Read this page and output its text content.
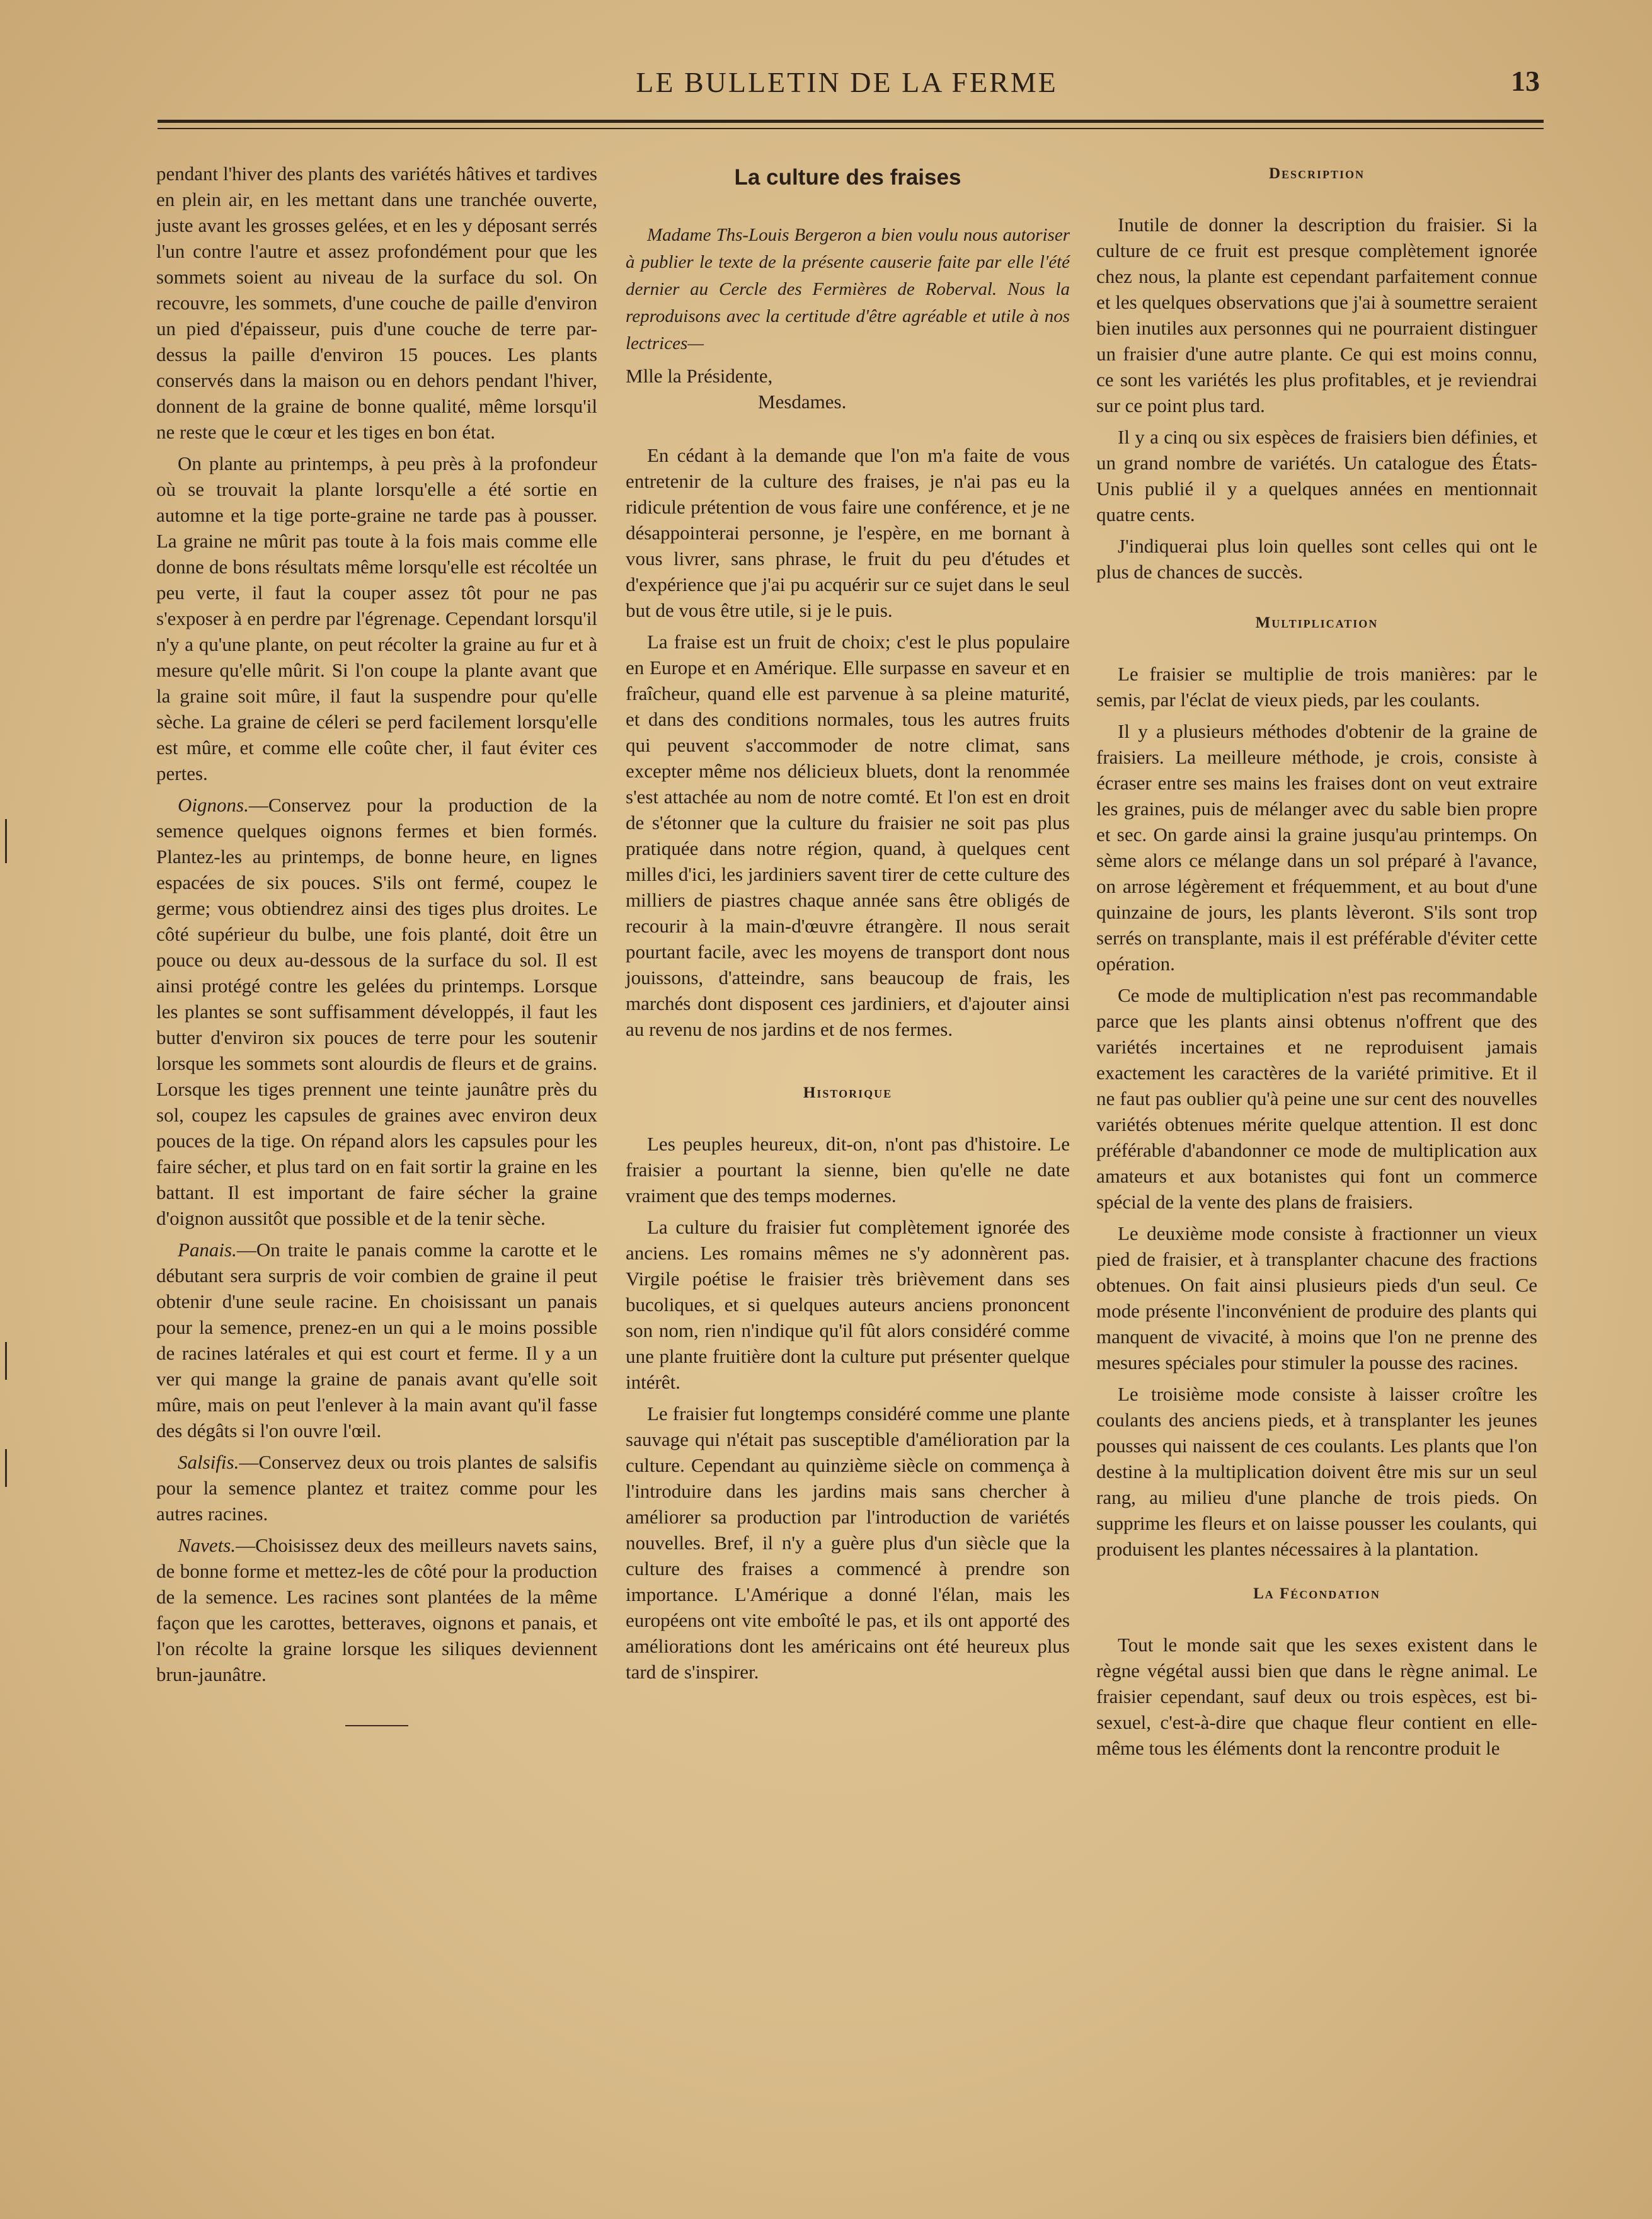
LE BULLETIN DE LA FERME	13

pendant l'hiver des plants des variétés hâtives et tardives en plein air, en les mettant dans une tranchée ouverte, juste avant les grosses gelées, et en les y déposant serrés l'un contre l'autre et assez profondément pour que les sommets soient au niveau de la surface du sol. On recouvre, les sommets, d'une couche de paille d'environ un pied d'épaisseur, puis d'une couche de terre par-dessus la paille d'environ 15 pouces. Les plants conservés dans la maison ou en dehors pendant l'hiver, donnent de la graine de bonne qualité, même lorsqu'il ne reste que le cœur et les tiges en bon état.

On plante au printemps, à peu près à la profondeur où se trouvait la plante lorsqu'elle a été sortie en automne et la tige porte-graine ne tarde pas à pousser. La graine ne mûrit pas toute à la fois mais comme elle donne de bons résultats même lorsqu'elle est récoltée un peu verte, il faut la couper assez tôt pour ne pas s'exposer à en perdre par l'égrenage. Cependant lorsqu'il n'y a qu'une plante, on peut récolter la graine au fur et à mesure qu'elle mûrit. Si l'on coupe la plante avant que la graine soit mûre, il faut la suspendre pour qu'elle sèche. La graine de céleri se perd facilement lorsqu'elle est mûre, et comme elle coûte cher, il faut éviter ces pertes.

Oignons.—Conservez pour la production de la semence quelques oignons fermes et bien formés. Plantez-les au printemps, de bonne heure, en lignes espacées de six pouces. S'ils ont fermé, coupez le germe; vous obtiendrez ainsi des tiges plus droites. Le côté supérieur du bulbe, une fois planté, doit être un pouce ou deux au-dessous de la surface du sol. Il est ainsi protégé contre les gelées du printemps. Lorsque les plantes se sont suffisamment développés, il faut les butter d'environ six pouces de terre pour les soutenir lorsque les sommets sont alourdis de fleurs et de grains. Lorsque les tiges prennent une teinte jaunâtre près du sol, coupez les capsules de graines avec environ deux pouces de la tige. On répand alors les capsules pour les faire sécher, et plus tard on en fait sortir la graine en les battant. Il est important de faire sécher la graine d'oignon aussitôt que possible et de la tenir sèche.

Panais.—On traite le panais comme la carotte et le débutant sera surpris de voir combien de graine il peut obtenir d'une seule racine. En choisissant un panais pour la semence, prenez-en un qui a le moins possible de racines latérales et qui est court et ferme. Il y a un ver qui mange la graine de panais avant qu'elle soit mûre, mais on peut l'enlever à la main avant qu'il fasse des dégâts si l'on ouvre l'œil.

Salsifis.—Conservez deux ou trois plantes de salsifis pour la semence plantez et traitez comme pour les autres racines.

Navets.—Choisissez deux des meilleurs navets sains, de bonne forme et mettez-les de côté pour la production de la semence. Les racines sont plantées de la même façon que les carottes, betteraves, oignons et panais, et l'on récolte la graine lorsque les siliques deviennent brun-jaunâtre.

La culture des fraises

Madame Ths-Louis Bergeron a bien voulu nous autoriser à publier le texte de la présente causerie faite par elle l'été dernier au Cercle des Fermières de Roberval. Nous la reproduisons avec la certitude d'être agréable et utile à nos lectrices—

Mlle la Présidente,

Mesdames.

En cédant à la demande que l'on m'a faite de vous entretenir de la culture des fraises, je n'ai pas eu la ridicule prétention de vous faire une conférence, et je ne désappointerai personne, je l'espère, en me bornant à vous livrer, sans phrase, le fruit du peu d'études et d'expérience que j'ai pu acquérir sur ce sujet dans le seul but de vous être utile, si je le puis.

La fraise est un fruit de choix; c'est le plus populaire en Europe et en Amérique. Elle surpasse en saveur et en fraîcheur, quand elle est parvenue à sa pleine maturité, et dans des conditions normales, tous les autres fruits qui peuvent s'accommoder de notre climat, sans excepter même nos délicieux bluets, dont la renommée s'est attachée au nom de notre comté. Et l'on est en droit de s'étonner que la culture du fraisier ne soit pas plus pratiquée dans notre région, quand, à quelques cent milles d'ici, les jardiniers savent tirer de cette culture des milliers de piastres chaque année sans être obligés de recourir à la main-d'œuvre étrangère. Il nous serait pourtant facile, avec les moyens de transport dont nous jouissons, d'atteindre, sans beaucoup de frais, les marchés dont disposent ces jardiniers, et d'ajouter ainsi au revenu de nos jardins et de nos fermes.

Historique

Les peuples heureux, dit-on, n'ont pas d'histoire. Le fraisier a pourtant la sienne, bien qu'elle ne date vraiment que des temps modernes.

La culture du fraisier fut complètement ignorée des anciens. Les romains mêmes ne s'y adonnèrent pas. Virgile poétise le fraisier très brièvement dans ses bucoliques, et si quelques auteurs anciens prononcent son nom, rien n'indique qu'il fût alors considéré comme une plante fruitière dont la culture put présenter quelque intérêt.

Le fraisier fut longtemps considéré comme une plante sauvage qui n'était pas susceptible d'amélioration par la culture. Cependant au quinzième siècle on commença à l'introduire dans les jardins mais sans chercher à améliorer sa production par l'introduction de variétés nouvelles. Bref, il n'y a guère plus d'un siècle que la culture des fraises a commencé à prendre son importance. L'Amérique a donné l'élan, mais les européens ont vite emboîté le pas, et ils ont apporté des améliorations dont les américains ont été heureux plus tard de s'inspirer.

Description

Inutile de donner la description du fraisier. Si la culture de ce fruit est presque complètement ignorée chez nous, la plante est cependant parfaitement connue et les quelques observations que j'ai à soumettre seraient bien inutiles aux personnes qui ne pourraient distinguer un fraisier d'une autre plante. Ce qui est moins connu, ce sont les variétés les plus profitables, et je reviendrai sur ce point plus tard.

Il y a cinq ou six espèces de fraisiers bien définies, et un grand nombre de variétés. Un catalogue des États-Unis publié il y a quelques années en mentionnait quatre cents.

J'indiquerai plus loin quelles sont celles qui ont le plus de chances de succès.

Multiplication

Le fraisier se multiplie de trois manières: par le semis, par l'éclat de vieux pieds, par les coulants.

Il y a plusieurs méthodes d'obtenir de la graine de fraisiers. La meilleure méthode, je crois, consiste à écraser entre ses mains les fraises dont on veut extraire les graines, puis de mélanger avec du sable bien propre et sec. On garde ainsi la graine jusqu'au printemps. On sème alors ce mélange dans un sol préparé à l'avance, on arrose légèrement et fréquemment, et au bout d'une quinzaine de jours, les plants lèveront. S'ils sont trop serrés on transplante, mais il est préférable d'éviter cette opération.

Ce mode de multiplication n'est pas recommandable parce que les plants ainsi obtenus n'offrent que des variétés incertaines et ne reproduisent jamais exactement les caractères de la variété primitive. Et il ne faut pas oublier qu'à peine une sur cent des nouvelles variétés obtenues mérite quelque attention. Il est donc préférable d'abandonner ce mode de multiplication aux amateurs et aux botanistes qui font un commerce spécial de la vente des plans de fraisiers.

Le deuxième mode consiste à fractionner un vieux pied de fraisier, et à transplanter chacune des fractions obtenues. On fait ainsi plusieurs pieds d'un seul. Ce mode présente l'inconvénient de produire des plants qui manquent de vivacité, à moins que l'on ne prenne des mesures spéciales pour stimuler la pousse des racines.

Le troisième mode consiste à laisser croître les coulants des anciens pieds, et à transplanter les jeunes pousses qui naissent de ces coulants. Les plants que l'on destine à la multiplication doivent être mis sur un seul rang, au milieu d'une planche de trois pieds. On supprime les fleurs et on laisse pousser les coulants, qui produisent les plantes nécessaires à la plantation.

La Fécondation

Tout le monde sait que les sexes existent dans le règne végétal aussi bien que dans le règne animal. Le fraisier cependant, sauf deux ou trois espèces, est bi-sexuel, c'est-à-dire que chaque fleur contient en elle-même tous les éléments dont la rencontre produit le
